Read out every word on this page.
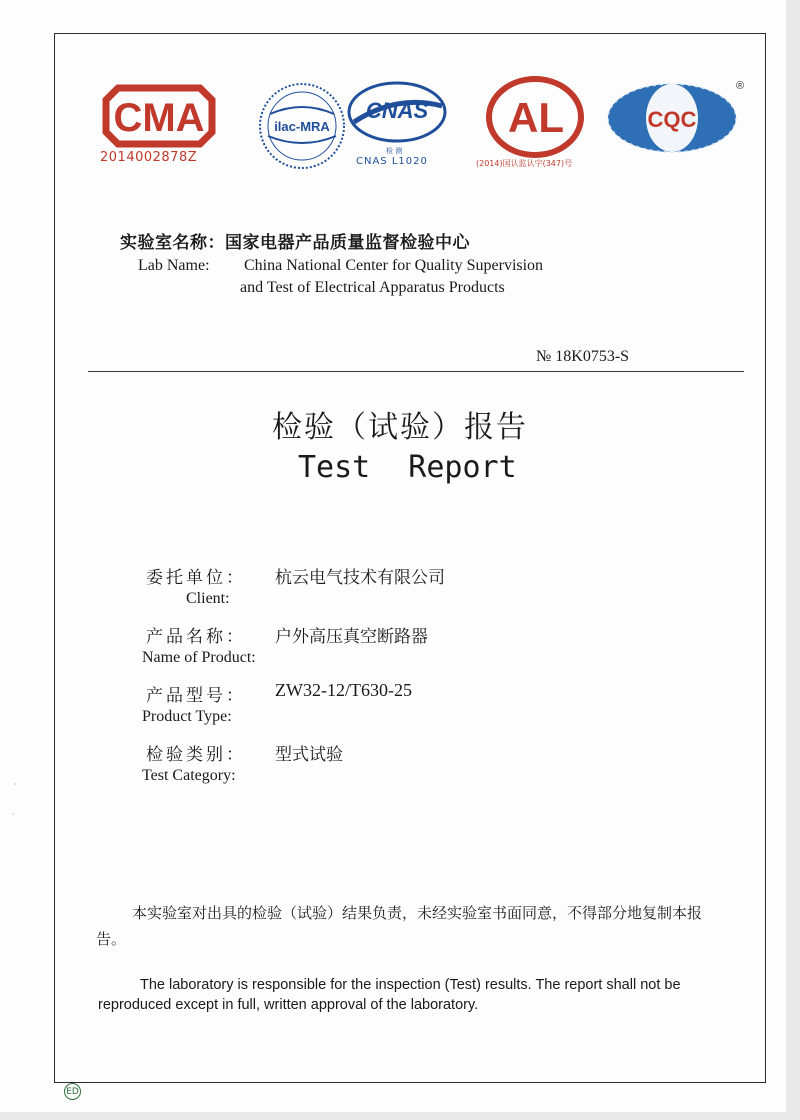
CMA
2014002878Z
ilac-MRA
CNAS
检 测
CNAS L1020
AL
(2014)国认监认字(347)号
CQC
®
实验室名称：国家电器产品质量监督检验中心
Lab Name: China National Center for Quality Supervision
and Test of Electrical Apparatus Products
№ 18K0753-S
检验（试验）报告
Test Report
委托单位： 杭云电气技术有限公司
Client:
产品名称： 户外高压真空断路器
Name of Product:
产品型号： ZW32-12/T630-25
Product Type:
检验类别： 型式试验
Test Category:
本实验室对出具的检验（试验）结果负责，未经实验室书面同意，不得部分地复制本报告。
The laboratory is responsible for the inspection (Test) results. The report shall not be reproduced except in full, written approval of the laboratory.
ED
·
·
